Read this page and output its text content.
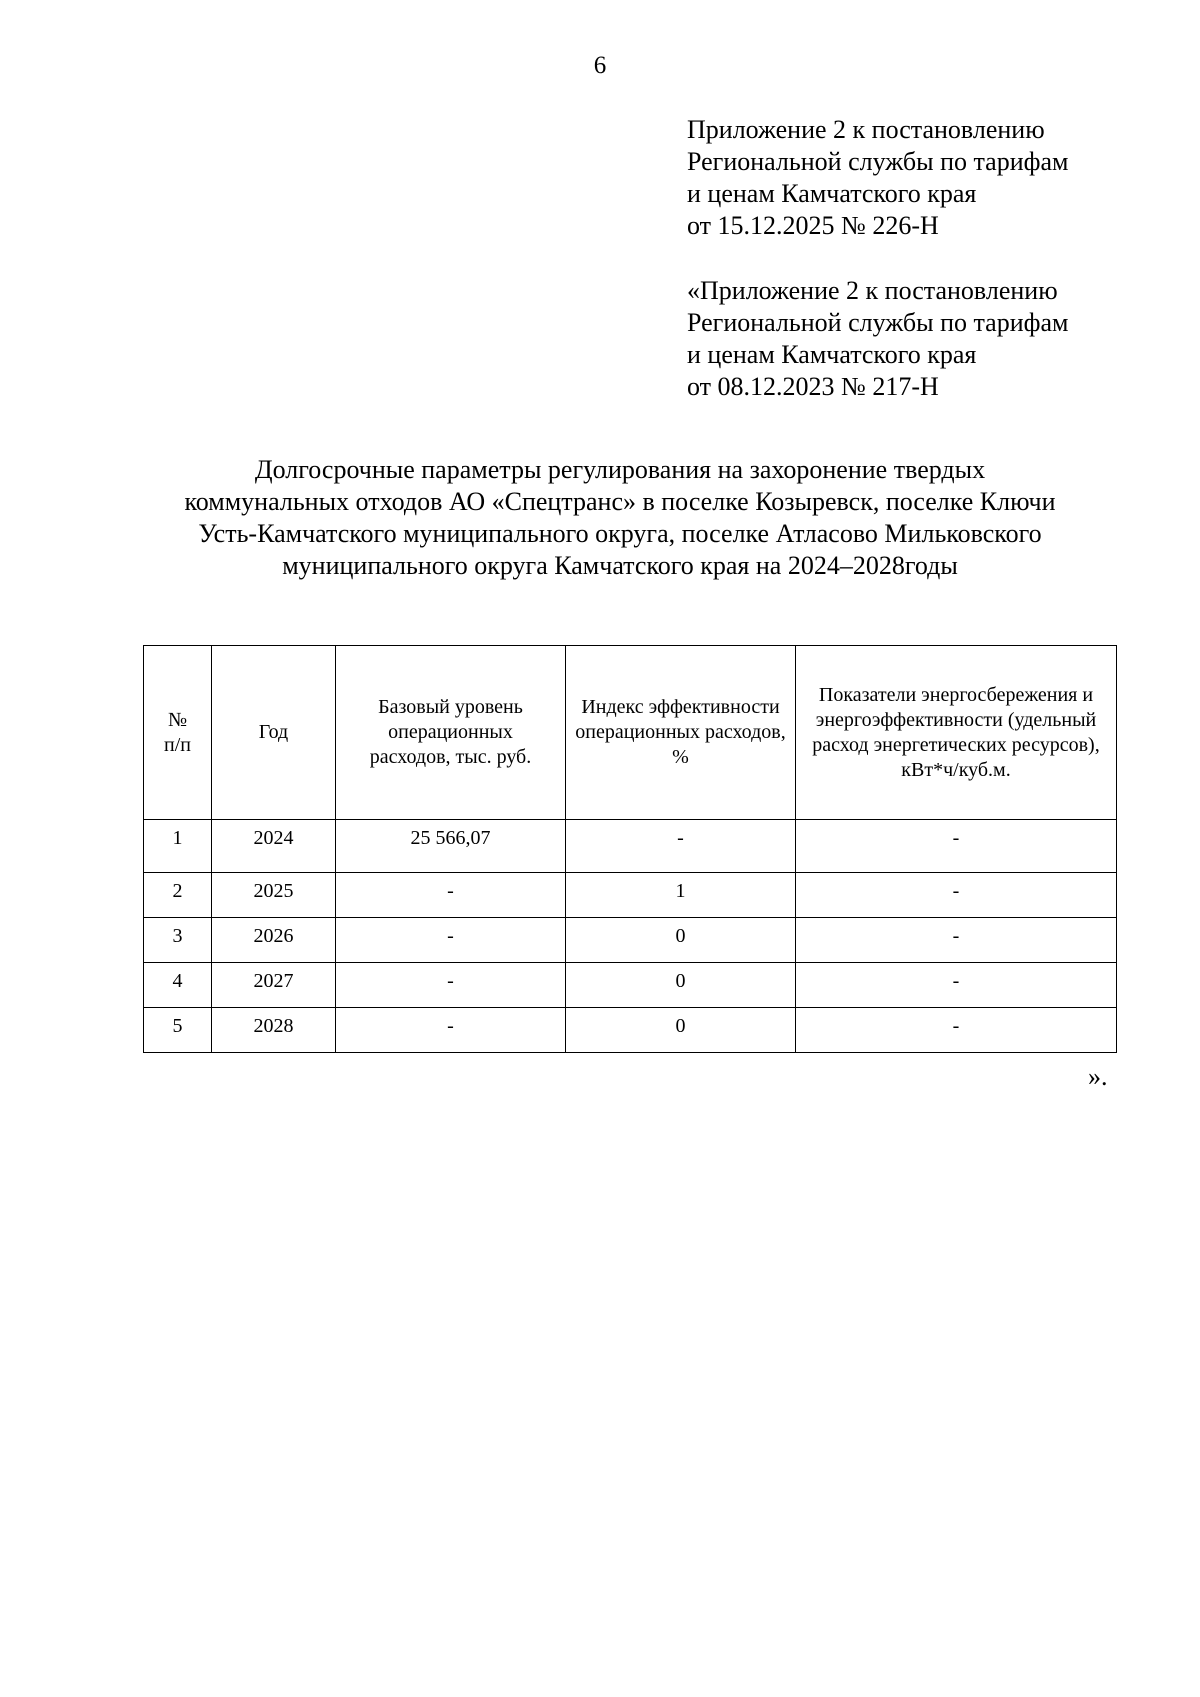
6
Приложение 2 к постановлению
Региональной службы по тарифам
и ценам Камчатского края
от 15.12.2025 № 226-Н
«Приложение 2 к постановлению
Региональной службы по тарифам
и ценам Камчатского края
от 08.12.2023 № 217-Н
Долгосрочные параметры регулирования на захоронение твердых
коммунальных отходов АО «Спецтранс» в поселке Козыревск, поселке Ключи
Усть-Камчатского муниципального округа, поселке Атласово Мильковского
муниципального округа Камчатского края на 2024–2028годы
№ п/п	Год	Базовый уровень операционных расходов, тыс. руб.	Индекс эффективности операционных расходов, %	Показатели энергосбережения и энергоэффективности (удельный расход энергетических ресурсов), кВт*ч/куб.м.
1	2024	25 566,07	-	-
2	2025	-	1	-
3	2026	-	0	-
4	2027	-	0	-
5	2028	-	0	-
».
